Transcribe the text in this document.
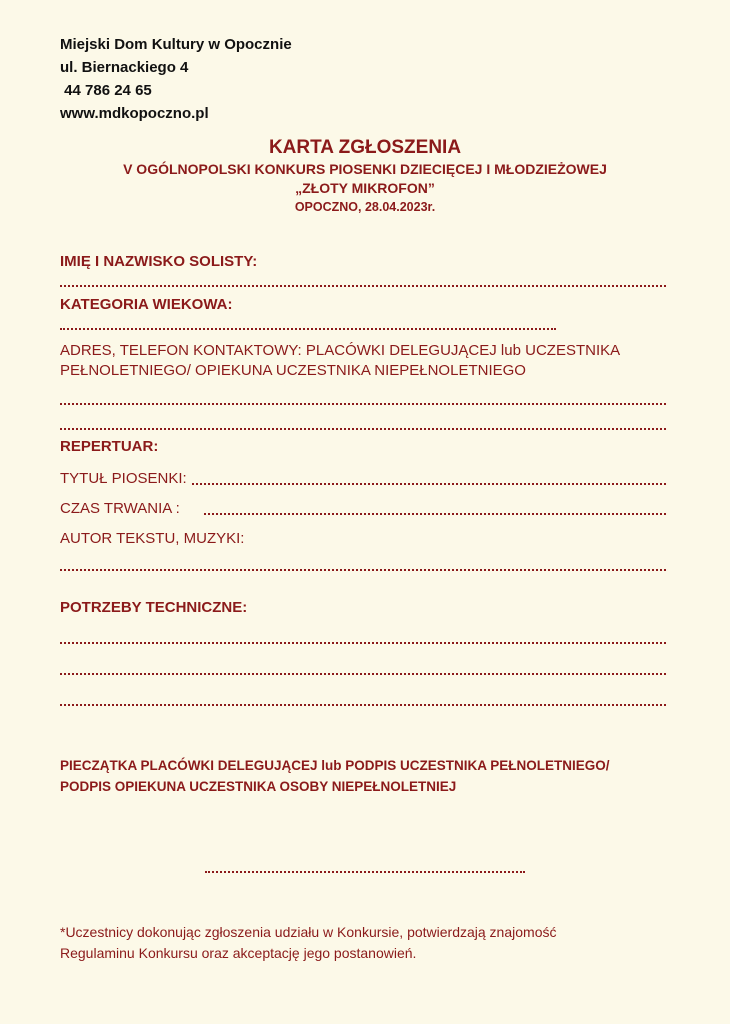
Miejski Dom Kultury w Opocznie
ul. Biernackiego 4
44 786 24 65
www.mdkopoczno.pl
KARTA ZGŁOSZENIA
V OGÓLNOPOLSKI KONKURS PIOSENKI DZIECIĘCEJ I MŁODZIEŻOWEJ
„ZŁOTY MIKROFON”
OPOCZNO, 28.04.2023r.
IMIĘ I NAZWISKO SOLISTY:
KATEGORIA WIEKOWA:
ADRES, TELEFON KONTAKTOWY: PLACÓWKI DELEGUJĄCEJ lub UCZESTNIKA
PEŁNOLETNIEGO/ OPIEKUNA UCZESTNIKA NIEPEŁNOLETNIEGO
REPERTUAR:
TYTUŁ PIOSENKI:
CZAS TRWANIA :
AUTOR TEKSTU, MUZYKI:
POTRZEBY TECHNICZNE:
PIECZĄTKA PLACÓWKI DELEGUJĄCEJ lub PODPIS UCZESTNIKA PEŁNOLETNIEGO/
PODPIS OPIEKUNA UCZESTNIKA OSOBY NIEPEŁNOLETNIEJ
*Uczestnicy dokonując zgłoszenia udziału w Konkursie, potwierdzają znajomość
Regulaminu Konkursu oraz akceptację jego postanowień.
